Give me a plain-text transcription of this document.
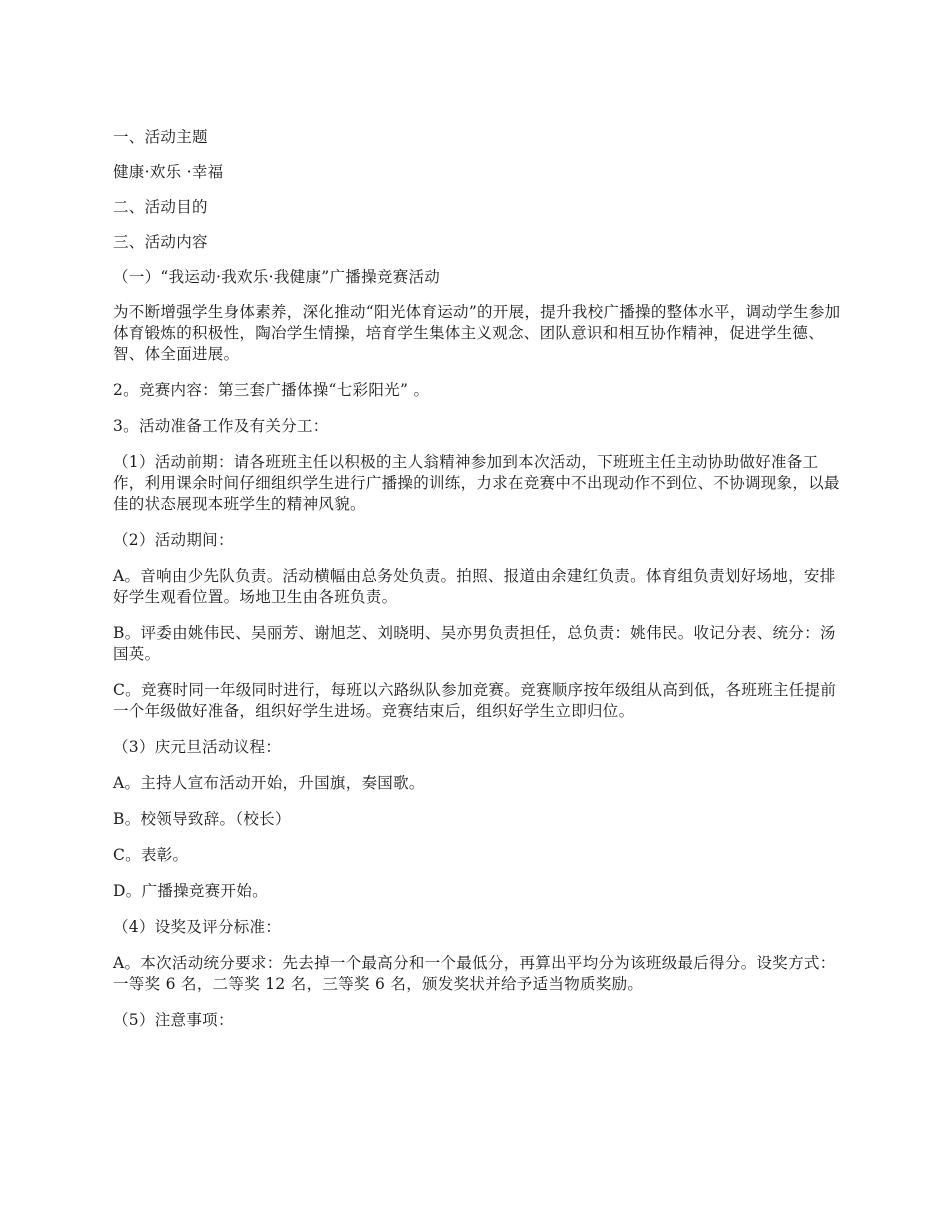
一、活动主题

健康·欢乐 ·幸福

二、活动目的

三、活动内容

（一）“我运动·我欢乐·我健康”广播操竞赛活动

为不断增强学生身体素养，深化推动“阳光体育运动”的开展，提升我校广播操的整体水平，调动学生参加体育锻炼的积极性，陶冶学生情操，培育学生集体主义观念、团队意识和相互协作精神，促进学生德、智、体全面进展。

2。竞赛内容：第三套广播体操“七彩阳光” 。

3。活动准备工作及有关分工：

（1）活动前期：请各班班主任以积极的主人翁精神参加到本次活动，下班班主任主动协助做好准备工作，利用课余时间仔细组织学生进行广播操的训练，力求在竞赛中不出现动作不到位、不协调现象，以最佳的状态展现本班学生的精神风貌。

（2）活动期间：

A。音响由少先队负责。活动横幅由总务处负责。拍照、报道由余建红负责。体育组负责划好场地，安排好学生观看位置。场地卫生由各班负责。

B。评委由姚伟民、吴丽芳、谢旭芝、刘晓明、吴亦男负责担任，总负责：姚伟民。收记分表、统分：汤国英。

C。竞赛时同一年级同时进行，每班以六路纵队参加竞赛。竞赛顺序按年级组从高到低，各班班主任提前一个年级做好准备，组织好学生进场。竞赛结束后，组织好学生立即归位。

（3）庆元旦活动议程：

A。主持人宣布活动开始，升国旗，奏国歌。

B。校领导致辞。（校长）

C。表彰。

D。广播操竞赛开始。

（4）设奖及评分标准：

A。本次活动统分要求：先去掉一个最高分和一个最低分，再算出平均分为该班级最后得分。设奖方式：一等奖 6 名，二等奖 12 名，三等奖 6 名，颁发奖状并给予适当物质奖励。

（5）注意事项：
